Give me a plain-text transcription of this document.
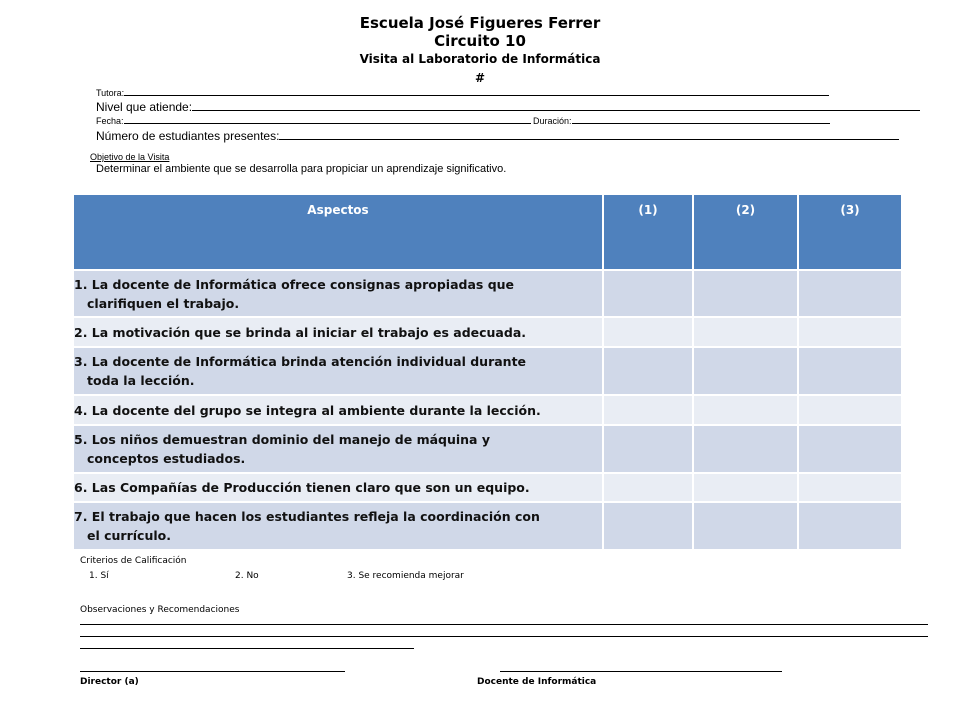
Escuela José Figueres Ferrer
Circuito 10
Visita al Laboratorio de Informática
#
Tutora:
Nivel que atiende:
Fecha:	Duración:
Número de estudiantes presentes:
Objetivo de la Visita
Determinar el ambiente que se desarrolla para propiciar un aprendizaje significativo.
Aspectos	(1)	(2)	(3)
1. La docente de Informática ofrece consignas apropiadas que
clarifiquen el trabajo.			
2. La motivación que se brinda al iniciar el trabajo es adecuada.			
3. La docente de Informática brinda atención individual durante
toda la lección.			
4. La docente del grupo se integra al ambiente durante la lección.			
5. Los niños demuestran dominio del manejo de máquina y
conceptos estudiados.			
6. Las Compañías de Producción tienen claro que son un equipo.			
7. El trabajo que hacen los estudiantes refleja la coordinación con
el currículo.			
Criterios de Calificación
1. Sí	2. No	3. Se recomienda mejorar
Observaciones y Recomendaciones
Director (a)	Docente de Informática
